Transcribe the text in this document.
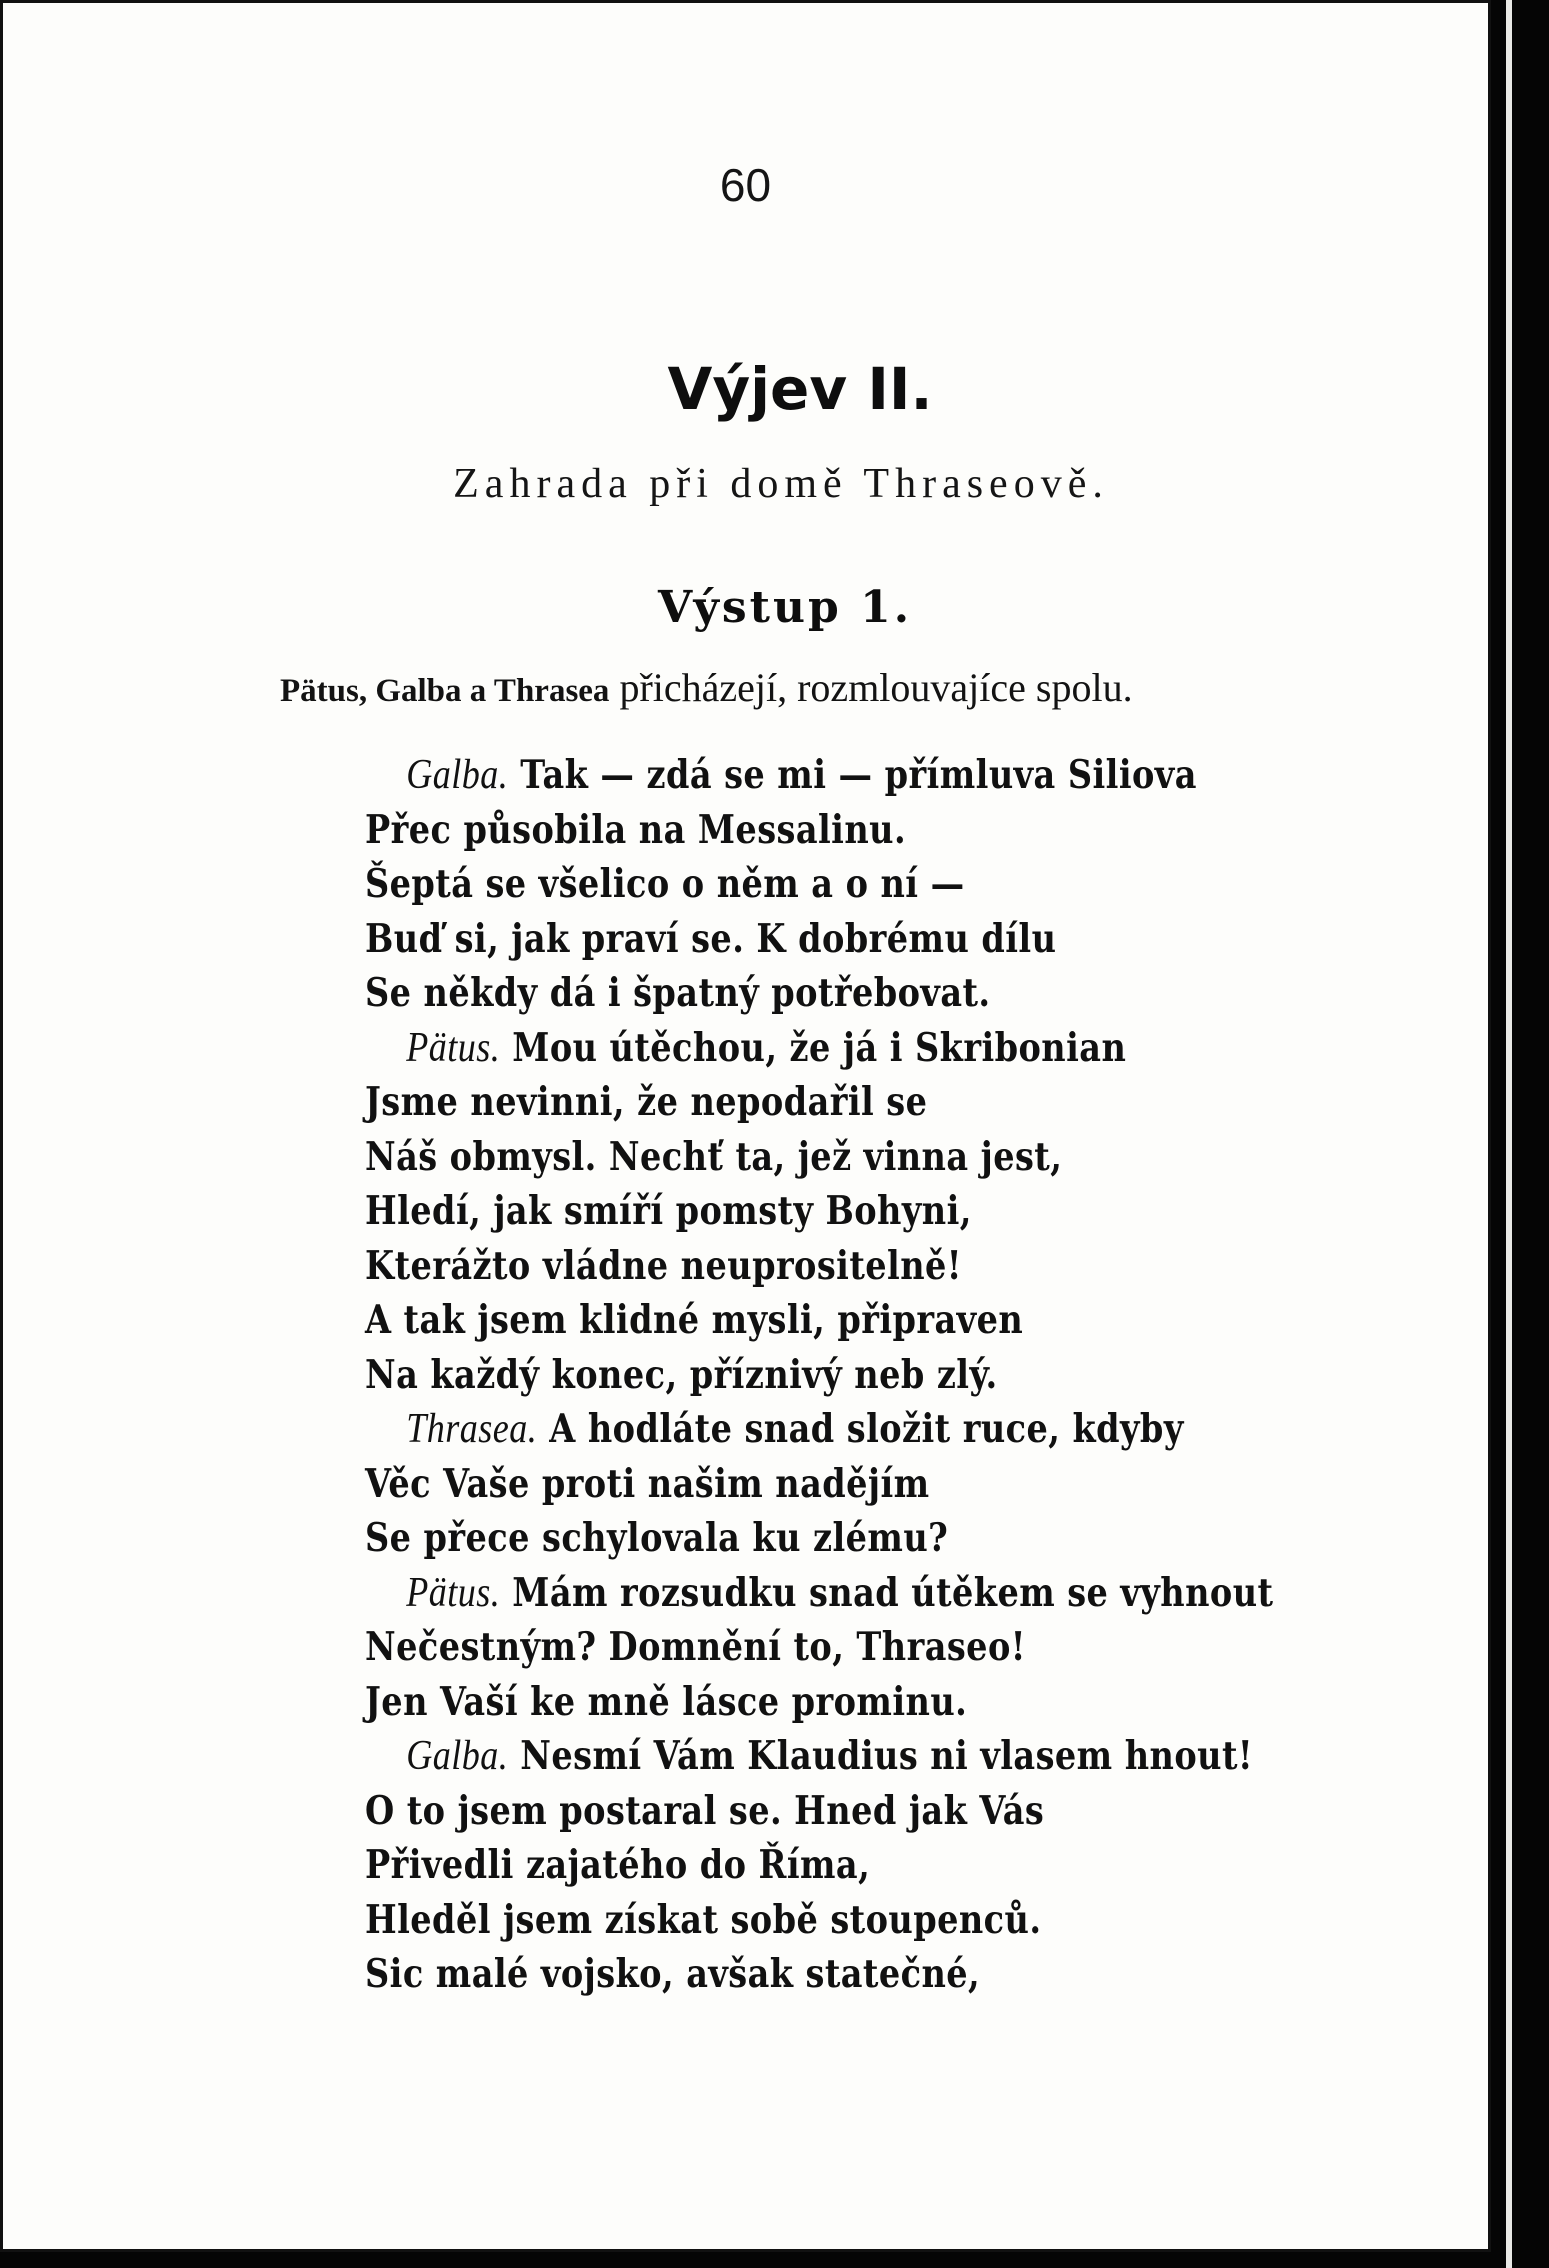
60
Výjev II.
Zahrada při domě Thraseově.
Výstup 1.
Pätus, Galba a Thrasea přicházejí, rozmlouvajíce spolu.
Galba. Tak — zdá se mi — přímluva Siliova
Přec působila na Messalinu.
Šeptá se všelico o něm a o ní —
Buď si, jak praví se. K dobrému dílu
Se někdy dá i špatný potřebovat.
Pätus. Mou útěchou, že já i Skribonian
Jsme nevinni, že nepodařil se
Náš obmysl. Nechť ta, jež vinna jest,
Hledí, jak smíří pomsty Bohyni,
Kterážto vládne neuprositelně!
A tak jsem klidné mysli, připraven
Na každý konec, příznivý neb zlý.
Thrasea. A hodláte snad složit ruce, kdyby
Věc Vaše proti našim nadějím
Se přece schylovala ku zlému?
Pätus. Mám rozsudku snad útěkem se vyhnout
Nečestným? Domnění to, Thraseo!
Jen Vaší ke mně lásce prominu.
Galba. Nesmí Vám Klaudius ni vlasem hnout!
O to jsem postaral se. Hned jak Vás
Přivedli zajatého do Říma,
Hleděl jsem získat sobě stoupenců.
Sic malé vojsko, avšak statečné,
